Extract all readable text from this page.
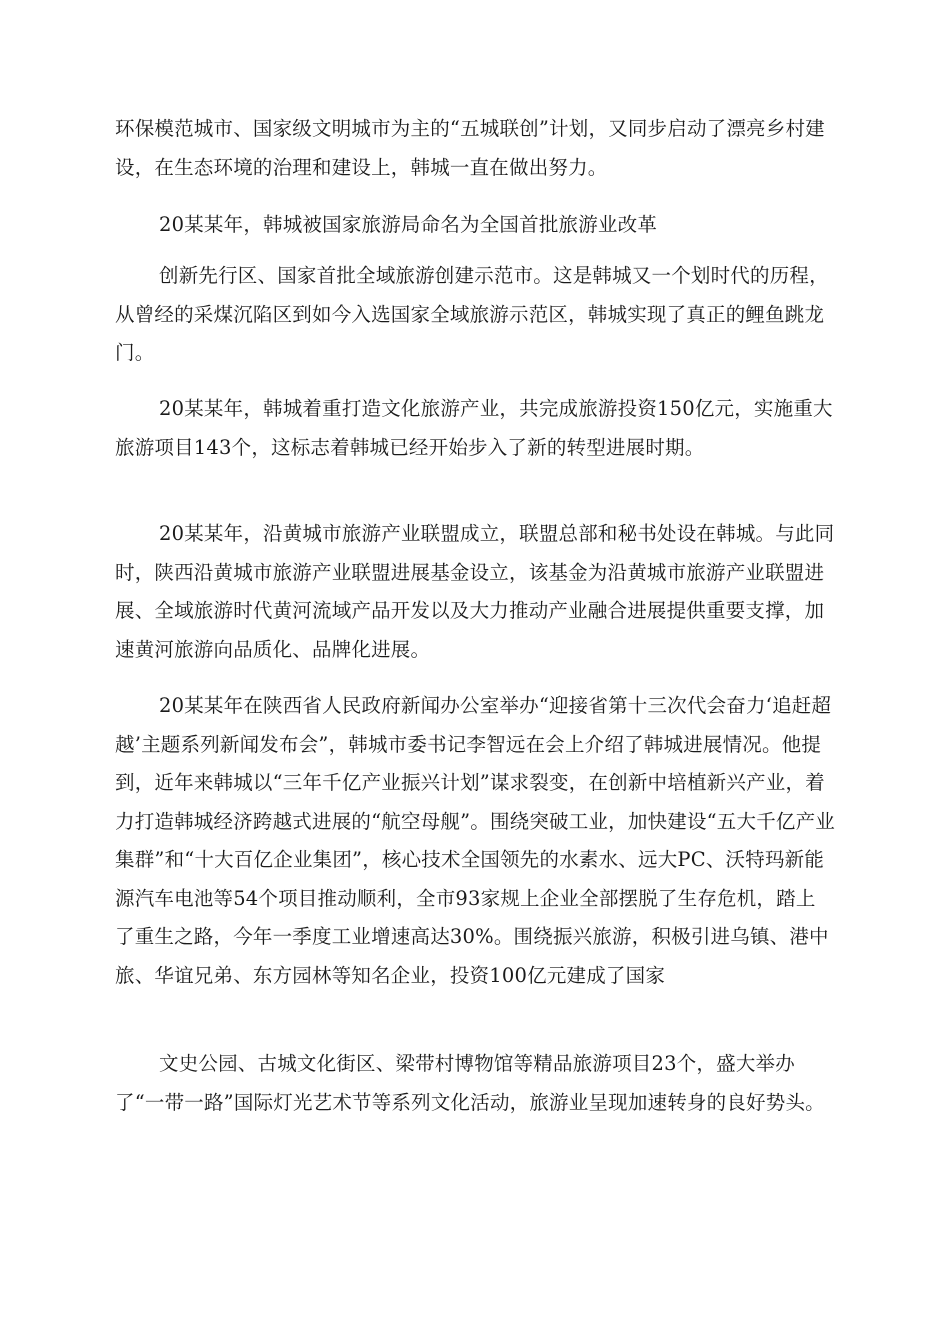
环保模范城市、国家级文明城市为主的“五城联创”计划，又同步启动了漂亮乡村建设，在生态环境的治理和建设上，韩城一直在做出努力。

20某某年，韩城被国家旅游局命名为全国首批旅游业改革

创新先行区、国家首批全域旅游创建示范市。这是韩城又一个划时代的历程，从曾经的采煤沉陷区到如今入选国家全域旅游示范区，韩城实现了真正的鲤鱼跳龙门。

20某某年，韩城着重打造文化旅游产业，共完成旅游投资150亿元，实施重大旅游项目143个，这标志着韩城已经开始步入了新的转型进展时期。

20某某年，沿黄城市旅游产业联盟成立，联盟总部和秘书处设在韩城。与此同时，陕西沿黄城市旅游产业联盟进展基金设立，该基金为沿黄城市旅游产业联盟进展、全域旅游时代黄河流域产品开发以及大力推动产业融合进展提供重要支撑，加速黄河旅游向品质化、品牌化进展。

20某某年在陕西省人民政府新闻办公室举办“迎接省第十三次代会奋力‘追赶超越’主题系列新闻发布会”，韩城市委书记李智远在会上介绍了韩城进展情况。他提到，近年来韩城以“三年千亿产业振兴计划”谋求裂变，在创新中培植新兴产业，着力打造韩城经济跨越式进展的“航空母舰”。围绕突破工业，加快建设“五大千亿产业集群”和“十大百亿企业集团”，核心技术全国领先的水素水、远大PC、沃特玛新能源汽车电池等54个项目推动顺利，全市93家规上企业全部摆脱了生存危机，踏上了重生之路，今年一季度工业增速高达30%。围绕振兴旅游，积极引进乌镇、港中旅、华谊兄弟、东方园林等知名企业，投资100亿元建成了国家

文史公园、古城文化街区、梁带村博物馆等精品旅游项目23个，盛大举办了“一带一路”国际灯光艺术节等系列文化活动，旅游业呈现加速转身的良好势头。
